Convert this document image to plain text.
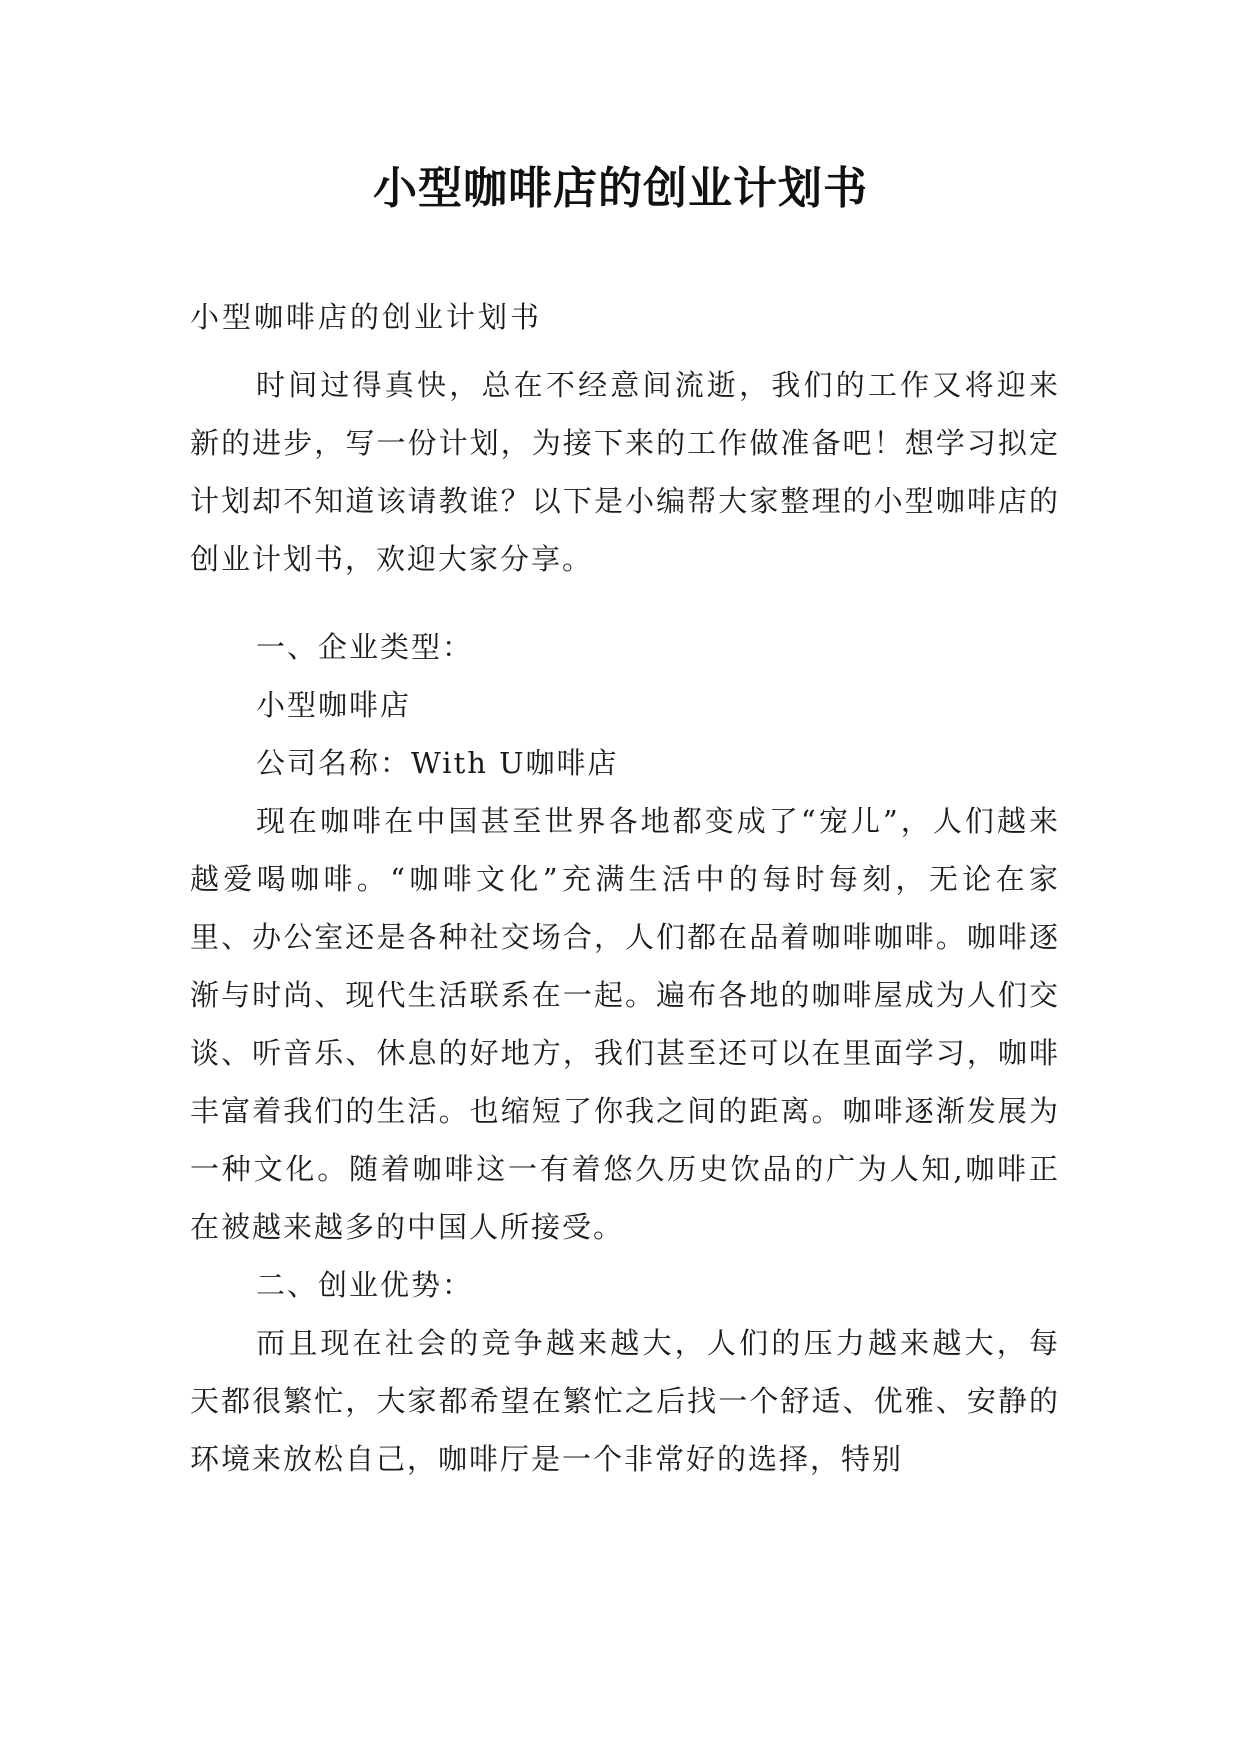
小型咖啡店的创业计划书

小型咖啡店的创业计划书

时间过得真快，总在不经意间流逝，我们的工作又将迎来新的进步，写一份计划，为接下来的工作做准备吧！想学习拟定计划却不知道该请教谁？以下是小编帮大家整理的小型咖啡店的创业计划书，欢迎大家分享。

一、企业类型：

小型咖啡店

公司名称：With U咖啡店

现在咖啡在中国甚至世界各地都变成了“宠儿”，人们越来越爱喝咖啡。“咖啡文化”充满生活中的每时每刻，无论在家里、办公室还是各种社交场合，人们都在品着咖啡咖啡。咖啡逐渐与时尚、现代生活联系在一起。遍布各地的咖啡屋成为人们交谈、听音乐、休息的好地方，我们甚至还可以在里面学习，咖啡丰富着我们的生活。也缩短了你我之间的距离。咖啡逐渐发展为一种文化。随着咖啡这一有着悠久历史饮品的广为人知,咖啡正在被越来越多的中国人所接受。

二、创业优势：

而且现在社会的竞争越来越大，人们的压力越来越大，每天都很繁忙，大家都希望在繁忙之后找一个舒适、优雅、安静的环境来放松自己，咖啡厅是一个非常好的选择，特别
